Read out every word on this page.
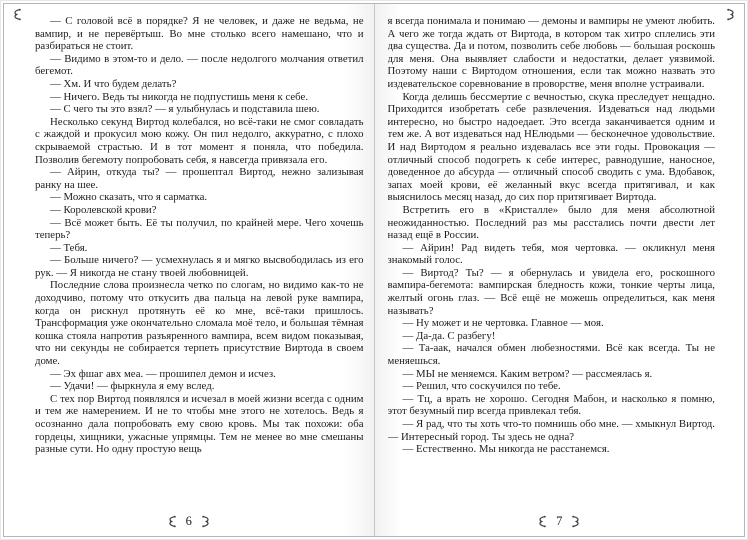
— С головой всё в порядке? Я не человек, и даже не ведьма, не вампир, и не перевёртыш. Во мне столько всего намешано, что и разбираться не стоит.

— Видимо в этом-то и дело. — после недолгого молчания ответил бегемот.

— Хм. И что будем делать?

— Ничего. Ведь ты никогда не подпустишь меня к себе.

— С чего ты это взял? — я улыбнулась и подставила шею.

Несколько секунд Виртод колебался, но всё-таки не смог совладать с жаждой и прокусил мою кожу. Он пил недолго, аккуратно, с плохо скрываемой страстью. И в тот момент я поняла, что победила. Позволив бегемоту попробовать себя, я навсегда привязала его.

— Айрин, откуда ты? — прошептал Виртод, нежно зализывая ранку на шее.

— Можно сказать, что я сарматка.

— Королевской крови?

— Всё может быть. Её ты получил, по крайней мере. Чего хочешь теперь?

— Тебя.

— Больше ничего? — усмехнулась я и мягко высвободилась из его рук. — Я никогда не стану твоей любовницей.

Последние слова произнесла четко по слогам, но видимо как-то не доходчиво, потому что откусить два пальца на левой руке вампира, когда он рискнул протянуть её ко мне, всё-таки пришлось. Трансформация уже окончательно сломала моё тело, и большая тёмная кошка стояла напротив разъяренного вампира, всем видом показывая, что ни секунды не собирается терпеть присутствие Виртода в своем доме.

— Эх фшаг авх меа. — прошипел демон и исчез.

— Удачи! — фыркнула я ему вслед.

С тех пор Виртод появлялся и исчезал в моей жизни всегда с одним и тем же намерением. И не то чтобы мне этого не хотелось. Ведь я осознанно дала попробовать ему свою кровь. Мы так похожи: оба гордецы, хищники, ужасные упрямцы. Тем не менее во мне смешаны разные сути. Но одну простую вещь

6

я всегда понимала и понимаю — демоны и вампиры не умеют любить. А чего же тогда ждать от Виртода, в котором так хитро сплелись эти два существа. Да и потом, позволить себе любовь — большая роскошь для меня. Она выявляет слабости и недостатки, делает уязвимой. Поэтому наши с Виртодом отношения, если так можно назвать это издевательское соревнование в проворстве, меня вполне устраивали.

Когда делишь бессмертие с вечностью, скука преследует нещадно. Приходится изобретать себе развлечения. Издеваться над людьми интересно, но быстро надоедает. Это всегда заканчивается одним и тем же. А вот издеваться над НЕлюдьми — бесконечное удовольствие. И над Виртодом я реально издевалась все эти годы. Провокация — отличный способ подогреть к себе интерес, равнодушие, наносное, доведенное до абсурда — отличный способ сводить с ума. Вдобавок, запах моей крови, её желанный вкус всегда притягивал, и как выяснилось месяц назад, до сих пор притягивает Виртода.

Встретить его в «Кристалле» было для меня абсолютной неожиданностью. Последний раз мы расстались почти двести лет назад ещё в России.

— Айрин! Рад видеть тебя, моя чертовка. — окликнул меня знакомый голос.

— Виртод? Ты? — я обернулась и увидела его, роскошного вампира-бегемота: вампирская бледность кожи, тонкие черты лица, желтый огонь глаз. — Всё ещё не можешь определиться, как меня называть?

— Ну может и не чертовка. Главное — моя.

— Да-да. С разбегу!

— Та-аак, начался обмен любезностями. Всё как всегда. Ты не меняешься.

— МЫ не меняемся. Каким ветром? — рассмеялась я.

— Решил, что соскучился по тебе.

— Тц, а врать не хорошо. Сегодня Мабон, и насколько я помню, этот безумный пир всегда привлекал тебя.

— Я рад, что ты хоть что-то помнишь обо мне. — хмыкнул Виртод. — Интересный город. Ты здесь не одна?

— Естественно. Мы никогда не расстанемся.

7
